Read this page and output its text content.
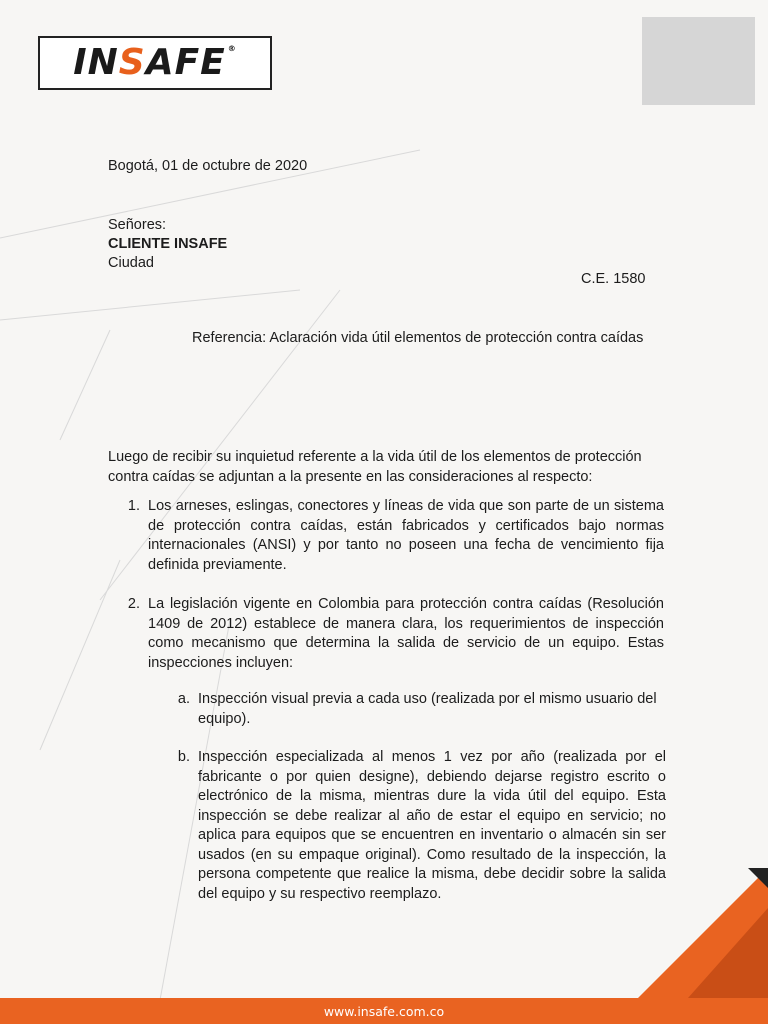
INSAFE ®
Bogotá, 01 de octubre de 2020
Señores:
CLIENTE INSAFE
Ciudad
C.E. 1580
Referencia: Aclaración vida útil elementos de protección contra caídas
Luego de recibir su inquietud referente a la vida útil de los elementos de protección contra caídas se adjuntan a la presente en las consideraciones al respecto:
1. Los arneses, eslingas, conectores y líneas de vida que son parte de un sistema de protección contra caídas, están fabricados y certificados bajo normas internacionales (ANSI) y por tanto no poseen una fecha de vencimiento fija definida previamente.
2. La legislación vigente en Colombia para protección contra caídas (Resolución 1409 de 2012) establece de manera clara, los requerimientos de inspección como mecanismo que determina la salida de servicio de un equipo. Estas inspecciones incluyen:
a. Inspección visual previa a cada uso (realizada por el mismo usuario del equipo).
b. Inspección especializada al menos 1 vez por año (realizada por el fabricante o por quien designe), debiendo dejarse registro escrito o electrónico de la misma, mientras dure la vida útil del equipo. Esta inspección se debe realizar al año de estar el equipo en servicio; no aplica para equipos que se encuentren en inventario o almacén sin ser usados (en su empaque original). Como resultado de la inspección, la persona competente que realice la misma, debe decidir sobre la salida del equipo y su respectivo reemplazo.
www.insafe.com.co
